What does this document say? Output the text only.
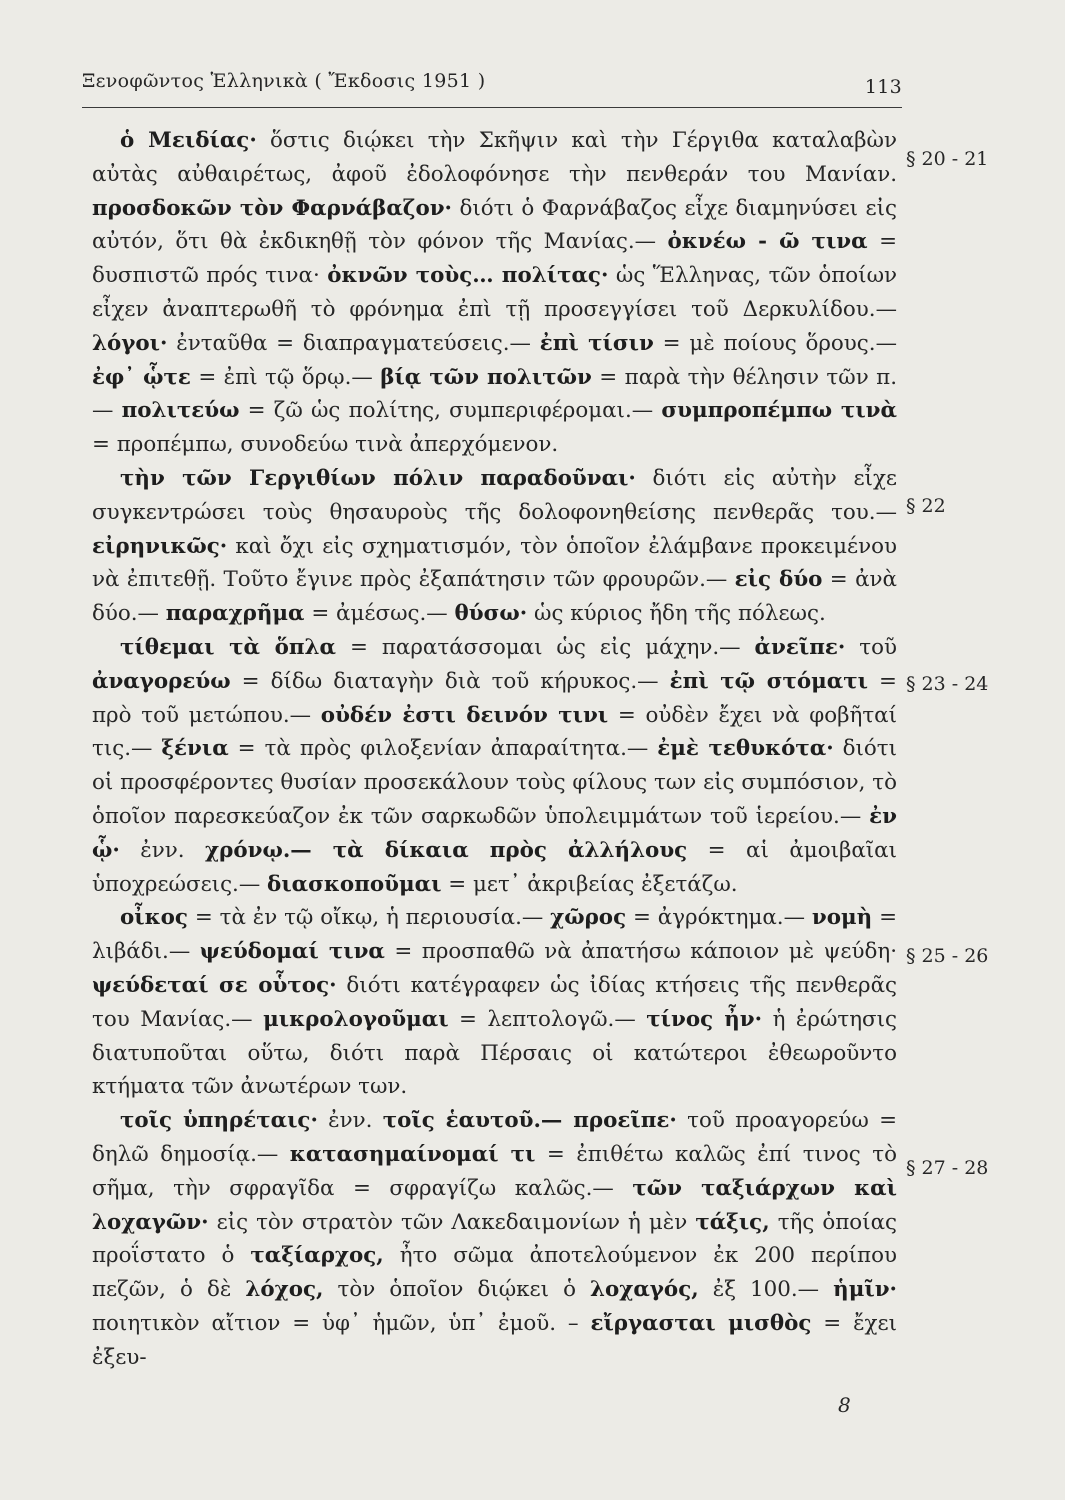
Ξενοφῶντος Ἑλληνικὰ ( Ἔκδοσις 1951 )	113

ὁ Μειδίας· ὅστις διῴκει τὴν Σκῆψιν καὶ τὴν Γέργιθα καταλαβὼν αὐτὰς αὐθαιρέτως, ἀφοῦ ἐδολοφόνησε τὴν πενθεράν του Μανίαν. προσδοκῶν τὸν Φαρνάβαζον· διότι ὁ Φαρνάβαζος εἶχε διαμηνύσει εἰς αὐτόν, ὅτι θὰ ἐκδικηθῇ τὸν φόνον τῆς Μανίας.— ὀκνέω - ῶ τινα = δυσπιστῶ πρός τινα· ὀκνῶν τοὺς… πολίτας· ὡς Ἕλληνας, τῶν ὁποίων εἶχεν ἀναπτερωθῆ τὸ φρόνημα ἐπὶ τῇ προσεγγίσει τοῦ Δερκυλίδου.— λόγοι· ἐνταῦθα = διαπραγματεύσεις.— ἐπὶ τίσιν = μὲ ποίους ὅρους.— ἐφ᾽ ᾧτε = ἐπὶ τῷ ὅρῳ.— βίᾳ τῶν πολιτῶν = παρὰ τὴν θέλησιν τῶν π.— πολιτεύω = ζῶ ὡς πολίτης, συμπεριφέρομαι.— συμπροπέμπω τινὰ = προπέμπω, συνοδεύω τινὰ ἀπερχόμενον.

τὴν τῶν Γεργιθίων πόλιν παραδοῦναι· διότι εἰς αὐτὴν εἶχε συγκεντρώσει τοὺς θησαυροὺς τῆς δολοφονηθείσης πενθερᾶς του.— εἰρηνικῶς· καὶ ὄχι εἰς σχηματισμόν, τὸν ὁποῖον ἐλάμβανε προκειμένου νὰ ἐπιτεθῇ. Τοῦτο ἔγινε πρὸς ἐξαπάτησιν τῶν φρουρῶν.— εἰς δύο = ἀνὰ δύο.— παραχρῆμα = ἀμέσως.— θύσω· ὡς κύριος ἤδη τῆς πόλεως.

τίθεμαι τὰ ὅπλα = παρατάσσομαι ὡς εἰς μάχην.— ἀνεῖπε· τοῦ ἀναγορεύω = δίδω διαταγὴν διὰ τοῦ κήρυκος.— ἐπὶ τῷ στόματι = πρὸ τοῦ μετώπου.— οὐδέν ἐστι δεινόν τινι = οὐδὲν ἔχει νὰ φοβῆταί τις.— ξένια = τὰ πρὸς φιλοξενίαν ἀπαραίτητα.— ἐμὲ τεθυκότα· διότι οἱ προσφέροντες θυσίαν προσεκάλουν τοὺς φίλους των εἰς συμπόσιον, τὸ ὁποῖον παρεσκεύαζον ἐκ τῶν σαρκωδῶν ὑπολειμμάτων τοῦ ἱερείου.— ἐν ᾧ· ἐνν. χρόνῳ.— τὰ δίκαια πρὸς ἀλλήλους = αἱ ἀμοιβαῖαι ὑποχρεώσεις.— διασκοποῦμαι = μετ᾽ ἀκριβείας ἐξετάζω.

οἶκος = τὰ ἐν τῷ οἴκῳ, ἡ περιουσία.— χῶρος = ἀγρόκτημα.— νομὴ = λιβάδι.— ψεύδομαί τινα = προσπαθῶ νὰ ἀπατήσω κάποιον μὲ ψεύδη· ψεύδεταί σε οὗτος· διότι κατέγραφεν ὡς ἰδίας κτήσεις τῆς πενθερᾶς του Μανίας.— μικρολογοῦμαι = λεπτολογῶ.— τίνος ἦν· ἡ ἐρώτησις διατυποῦται οὕτω, διότι παρὰ Πέρσαις οἱ κατώτεροι ἐθεωροῦντο κτήματα τῶν ἀνωτέρων των.

τοῖς ὑπηρέταις· ἐνν. τοῖς ἑαυτοῦ.— προεῖπε· τοῦ προαγορεύω = δηλῶ δημοσίᾳ.— κατασημαίνομαί τι = ἐπιθέτω καλῶς ἐπί τινος τὸ σῆμα, τὴν σφραγῖδα = σφραγίζω καλῶς.— τῶν ταξιάρχων καὶ λοχαγῶν· εἰς τὸν στρατὸν τῶν Λακεδαιμονίων ἡ μὲν τάξις, τῆς ὁποίας προΐστατο ὁ ταξίαρχος, ἦτο σῶμα ἀποτελούμενον ἐκ 200 περίπου πεζῶν, ὁ δὲ λόχος, τὸν ὁποῖον διῴκει ὁ λοχαγός, ἐξ 100.— ἡμῖν· ποιητικὸν αἴτιον = ὑφ᾽ ἡμῶν, ὑπ᾽ ἐμοῦ. – εἴργασται μισθὸς = ἔχει ἐξευ-

§ 20 - 21
§ 22
§ 23 - 24
§ 25 - 26
§ 27 - 28
8
